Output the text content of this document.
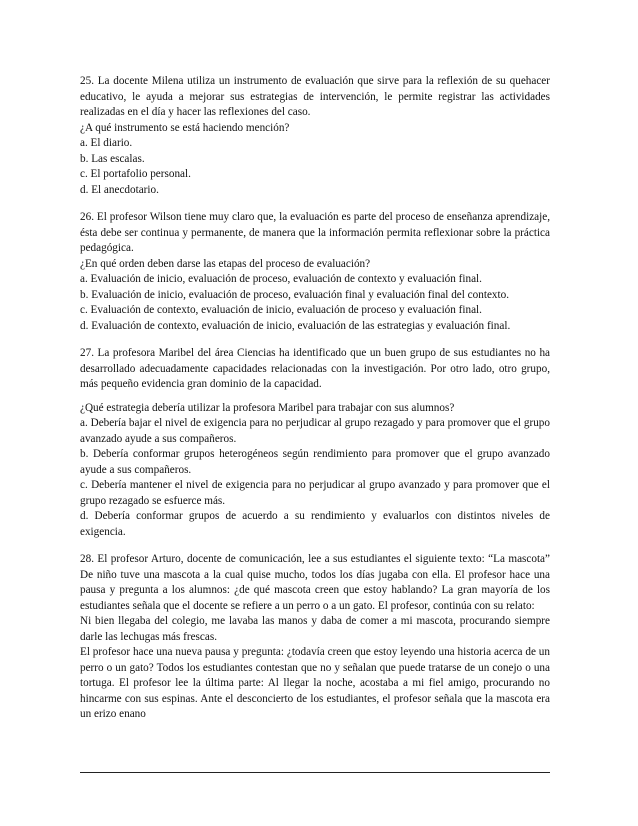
25. La docente Milena utiliza un instrumento de evaluación que sirve para la reflexión de su quehacer educativo, le ayuda a mejorar sus estrategias de intervención, le permite registrar las actividades realizadas en el día y hacer las reflexiones del caso.

¿A qué instrumento se está haciendo mención?

a. El diario.

b. Las escalas.

c. El portafolio personal.

d. El anecdotario.

26. El profesor Wilson tiene muy claro que, la evaluación es parte del proceso de enseñanza aprendizaje, ésta debe ser continua y permanente, de manera que la información permita reflexionar sobre la práctica pedagógica.

¿En qué orden deben darse las etapas del proceso de evaluación?

a. Evaluación de inicio, evaluación de proceso, evaluación de contexto y evaluación final.

b. Evaluación de inicio, evaluación de proceso, evaluación final y evaluación final del contexto.

c. Evaluación de contexto, evaluación de inicio, evaluación de proceso y evaluación final.

d. Evaluación de contexto, evaluación de inicio, evaluación de las estrategias y evaluación final.

27. La profesora Maribel del área Ciencias ha identificado que un buen grupo de sus estudiantes no ha desarrollado adecuadamente capacidades relacionadas con la investigación. Por otro lado, otro grupo, más pequeño evidencia gran dominio de la capacidad.

¿Qué estrategia debería utilizar la profesora Maribel para trabajar con sus alumnos?

a. Debería bajar el nivel de exigencia para no perjudicar al grupo rezagado y para promover que el grupo avanzado ayude a sus compañeros.

b. Debería conformar grupos heterogéneos según rendimiento para promover que el grupo avanzado ayude a sus compañeros.

c. Debería mantener el nivel de exigencia para no perjudicar al grupo avanzado y para promover que el grupo rezagado se esfuerce más.

d. Debería conformar grupos de acuerdo a su rendimiento y evaluarlos con distintos niveles de exigencia.

28. El profesor Arturo, docente de comunicación, lee a sus estudiantes el siguiente texto: “La mascota” De niño tuve una mascota a la cual quise mucho, todos los días jugaba con ella. El profesor hace una pausa y pregunta a los alumnos: ¿de qué mascota creen que estoy hablando? La gran mayoría de los estudiantes señala que el docente se refiere a un perro o a un gato. El profesor, continúa con su relato:

Ni bien llegaba del colegio, me lavaba las manos y daba de comer a mi mascota, procurando siempre darle las lechugas más frescas.

El profesor hace una nueva pausa y pregunta: ¿todavía creen que estoy leyendo una historia acerca de un perro o un gato? Todos los estudiantes contestan que no y señalan que puede tratarse de un conejo o una tortuga. El profesor lee la última parte: Al llegar la noche, acostaba a mi fiel amigo, procurando no hincarme con sus espinas. Ante el desconcierto de los estudiantes, el profesor señala que la mascota era un erizo enano
